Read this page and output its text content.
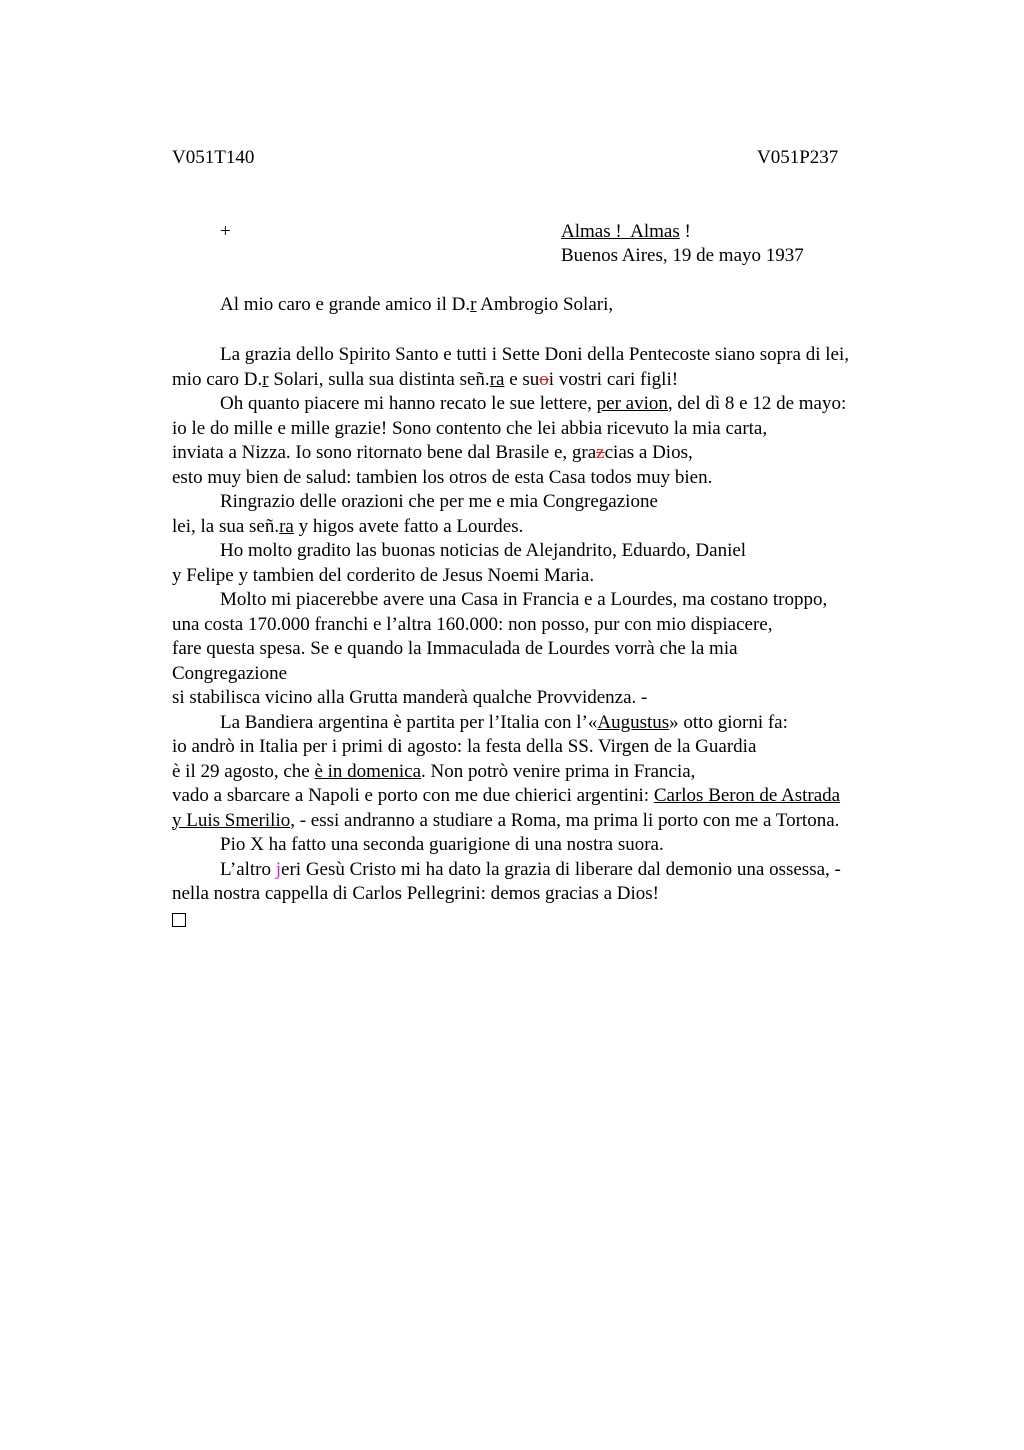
V051T140	V051P237
+	Almas ! Almas !
Buenos Aires, 19 de mayo 1937
Al mio caro e grande amico il D.r Ambrogio Solari,
La grazia dello Spirito Santo e tutti i Sette Doni della Pentecoste siano sopra di lei,
mio caro D.r Solari, sulla sua distinta señ.ra e suoi vostri cari figli!
Oh quanto piacere mi hanno recato le sue lettere, per avion, del dì 8 e 12 de mayo:
io le do mille e mille grazie! Sono contento che lei abbia ricevuto la mia carta,
inviata a Nizza. Io sono ritornato bene dal Brasile e, grazcias a Dios,
esto muy bien de salud: tambien los otros de esta Casa todos muy bien.
Ringrazio delle orazioni che per me e mia Congregazione
lei, la sua señ.ra y higos avete fatto a Lourdes.
Ho molto gradito las buonas noticias de Alejandrito, Eduardo, Daniel
y Felipe y tambien del corderito de Jesus Noemi Maria.
Molto mi piacerebbe avere una Casa in Francia e a Lourdes, ma costano troppo,
una costa 170.000 franchi e l’altra 160.000: non posso, pur con mio dispiacere,
fare questa spesa. Se e quando la Immaculada de Lourdes vorrà che la mia
Congregazione
si stabilisca vicino alla Grutta manderà qualche Provvidenza. -
La Bandiera argentina è partita per l’Italia con l’«Augustus» otto giorni fa:
io andrò in Italia per i primi di agosto: la festa della SS. Virgen de la Guardia
è il 29 agosto, che è in domenica. Non potrò venire prima in Francia,
vado a sbarcare a Napoli e porto con me due chierici argentini: Carlos Beron de Astrada
y Luis Smerilio, - essi andranno a studiare a Roma, ma prima li porto con me a Tortona.
Pio X ha fatto una seconda guarigione di una nostra suora.
L’altro jeri Gesù Cristo mi ha dato la grazia di liberare dal demonio una ossessa, -
nella nostra cappella di Carlos Pellegrini: demos gracias a Dios!
